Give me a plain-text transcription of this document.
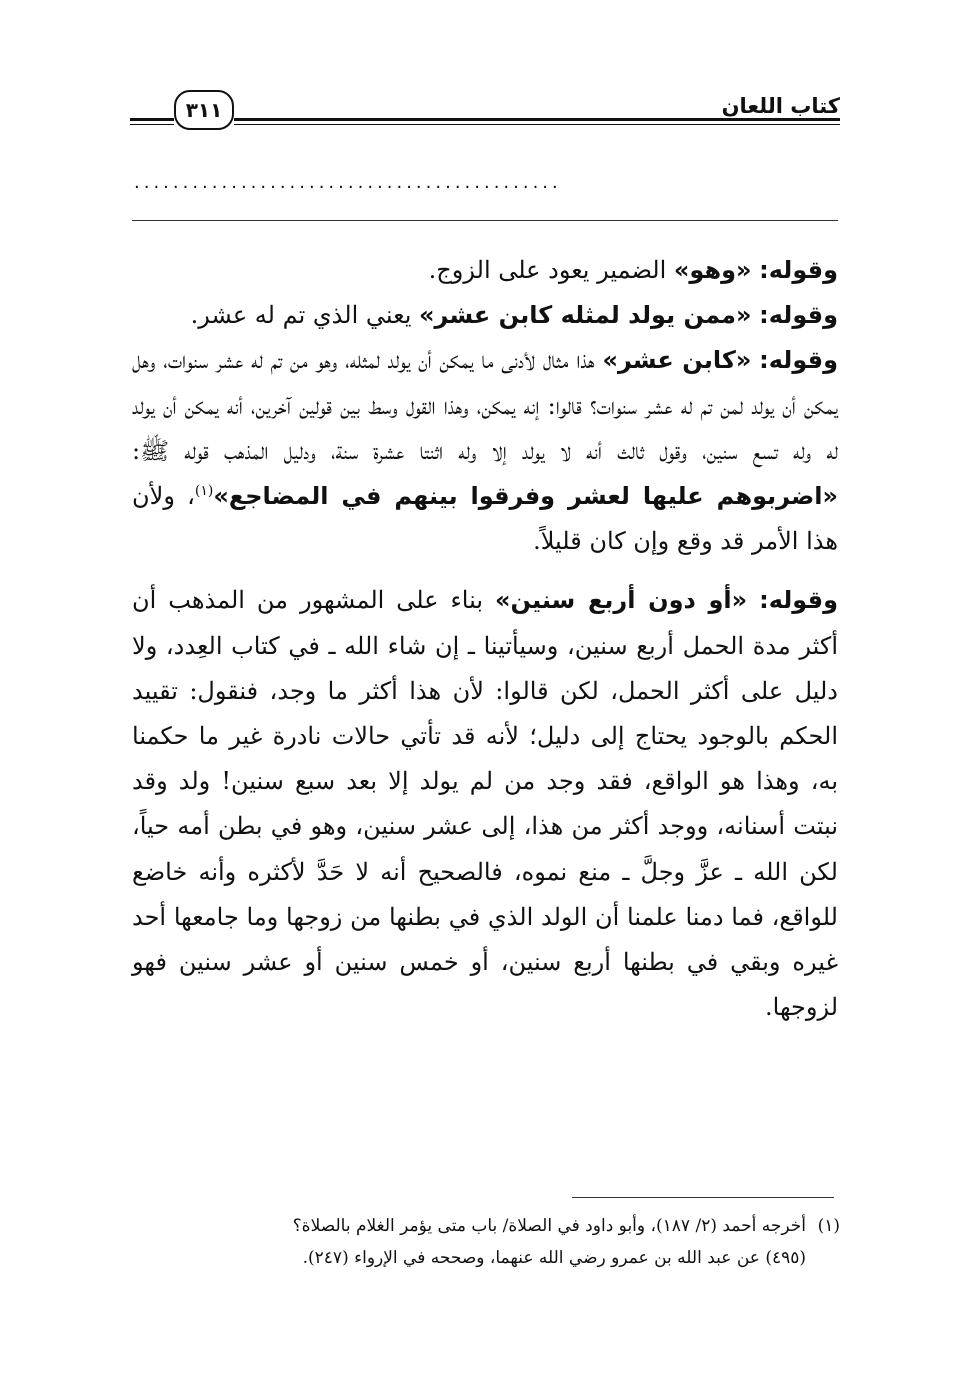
كتاب اللعان
٣١١
............................................

وقوله: «وهو» الضمير يعود على الزوج.

وقوله: «ممن يولد لمثله كابن عشر» يعني الذي تم له عشر.

وقوله: «كابن عشر» هذا مثال لأدنى ما يمكن أن يولد لمثله، وهو من تم له عشر سنوات، وهل يمكن أن يولد لمن تم له عشر سنوات؟ قالوا: إنه يمكن، وهذا القول وسط بين قولين آخرين، أنه يمكن أن يولد له وله تسع سنين، وقول ثالث أنه لا يولد إلا وله اثنتا عشرة سنة، ودليل المذهب قوله ﷺ: «اضربوهم عليها لعشر وفرقوا بينهم في المضاجع»$^{(١)}$، ولأن هذا الأمر قد وقع وإن كان قليلاً.

وقوله: «أو دون أربع سنين» بناء على المشهور من المذهب أن أكثر مدة الحمل أربع سنين، وسيأتينا ـ إن شاء الله ـ في كتاب العِدد، ولا دليل على أكثر الحمل، لكن قالوا: لأن هذا أكثر ما وجد، فنقول: تقييد الحكم بالوجود يحتاج إلى دليل؛ لأنه قد تأتي حالات نادرة غير ما حكمنا به، وهذا هو الواقع، فقد وجد من لم يولد إلا بعد سبع سنين! ولد وقد نبتت أسنانه، ووجد أكثر من هذا، إلى عشر سنين، وهو في بطن أمه حياً، لكن الله ـ عزَّ وجلَّ ـ منع نموه، فالصحيح أنه لا حَدَّ لأكثره وأنه خاضع للواقع، فما دمنا علمنا أن الولد الذي في بطنها من زوجها وما جامعها أحد غيره وبقي في بطنها أربع سنين، أو خمس سنين أو عشر سنين فهو لزوجها.

(١)أخرجه أحمد (٢/ ١٨٧)، وأبو داود في الصلاة/ باب متى يؤمر الغلام بالصلاة؟
(٤٩٥) عن عبد الله بن عمرو رضي الله عنهما، وصححه في الإرواء (٢٤٧).
